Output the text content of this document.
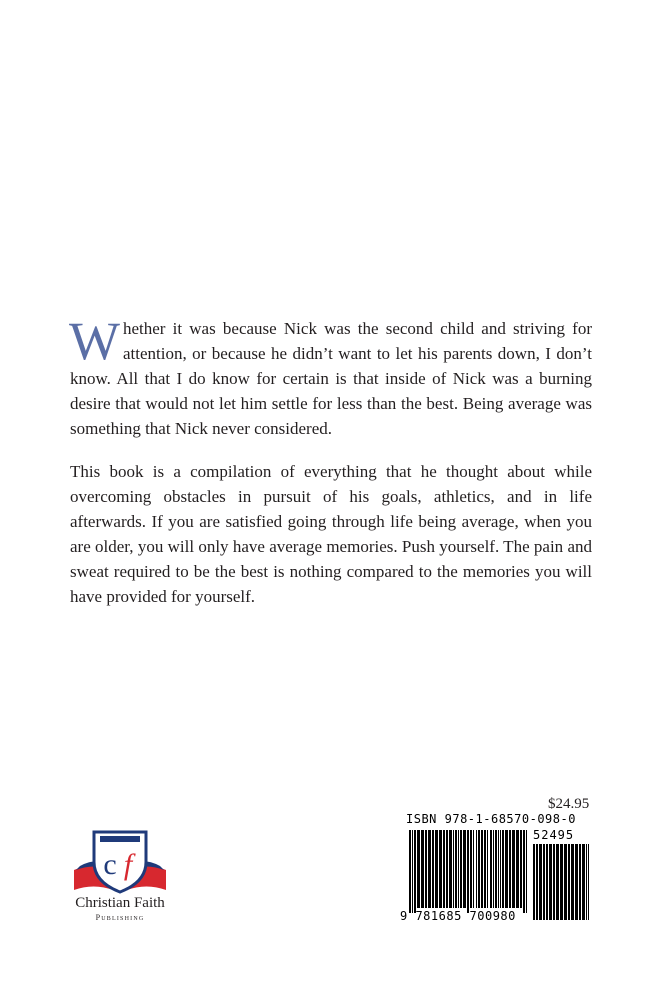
Whether it was because Nick was the second child and striving for attention, or because he didn’t want to let his parents down, I don’t know. All that I do know for certain is that inside of Nick was a burning desire that would not let him settle for less than the best. Being average was something that Nick never considered.

This book is a compilation of everything that he thought about while overcoming obstacles in pursuit of his goals, athletics, and in life afterwards. If you are satisfied going through life being average, when you are older, you will only have average memories. Push yourself. The pain and sweat required to be the best is nothing compared to the memories you will have provided for yourself.

$24.95
ISBN 978-1-68570-098-0
52495
9 781685 700980
c f
Christian Faith
Publishing
